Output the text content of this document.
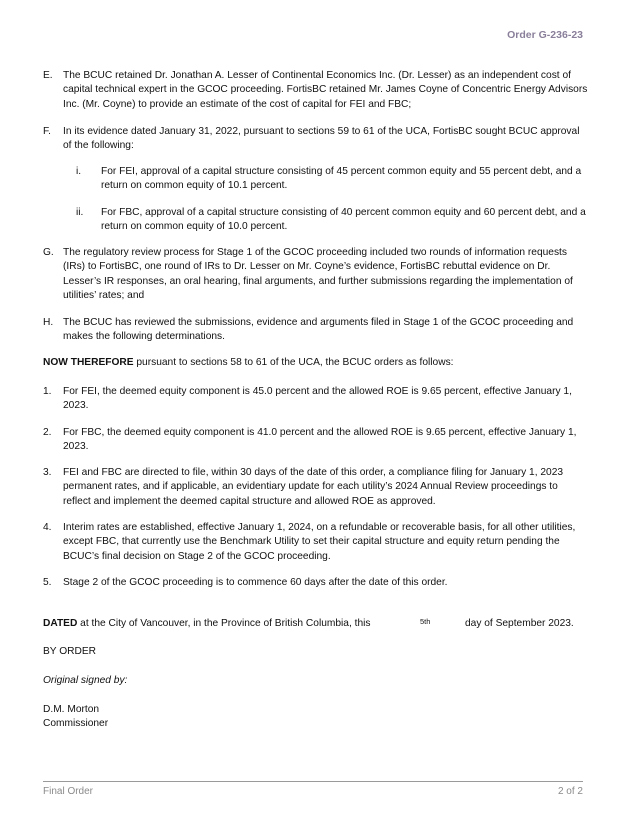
Order G-236-23
E. The BCUC retained Dr. Jonathan A. Lesser of Continental Economics Inc. (Dr. Lesser) as an independent cost of capital technical expert in the GCOC proceeding. FortisBC retained Mr. James Coyne of Concentric Energy Advisors Inc. (Mr. Coyne) to provide an estimate of the cost of capital for FEI and FBC;
F. In its evidence dated January 31, 2022, pursuant to sections 59 to 61 of the UCA, FortisBC sought BCUC approval of the following:
i. For FEI, approval of a capital structure consisting of 45 percent common equity and 55 percent debt, and a return on common equity of 10.1 percent.
ii. For FBC, approval of a capital structure consisting of 40 percent common equity and 60 percent debt, and a return on common equity of 10.0 percent.
G. The regulatory review process for Stage 1 of the GCOC proceeding included two rounds of information requests (IRs) to FortisBC, one round of IRs to Dr. Lesser on Mr. Coyne’s evidence, FortisBC rebuttal evidence on Dr. Lesser’s IR responses, an oral hearing, final arguments, and further submissions regarding the implementation of utilities’ rates; and
H. The BCUC has reviewed the submissions, evidence and arguments filed in Stage 1 of the GCOC proceeding and makes the following determinations.
NOW THEREFORE pursuant to sections 58 to 61 of the UCA, the BCUC orders as follows:
1. For FEI, the deemed equity component is 45.0 percent and the allowed ROE is 9.65 percent, effective January 1, 2023.
2. For FBC, the deemed equity component is 41.0 percent and the allowed ROE is 9.65 percent, effective January 1, 2023.
3. FEI and FBC are directed to file, within 30 days of the date of this order, a compliance filing for January 1, 2023 permanent rates, and if applicable, an evidentiary update for each utility’s 2024 Annual Review proceedings to reflect and implement the deemed capital structure and allowed ROE as approved.
4. Interim rates are established, effective January 1, 2024, on a refundable or recoverable basis, for all other utilities, except FBC, that currently use the Benchmark Utility to set their capital structure and equity return pending the BCUC’s final decision on Stage 2 of the GCOC proceeding.
5. Stage 2 of the GCOC proceeding is to commence 60 days after the date of this order.
DATED at the City of Vancouver, in the Province of British Columbia, this	5th	day of September 2023.
BY ORDER
Original signed by:
D.M. Morton
Commissioner
Final Order	2 of 2
